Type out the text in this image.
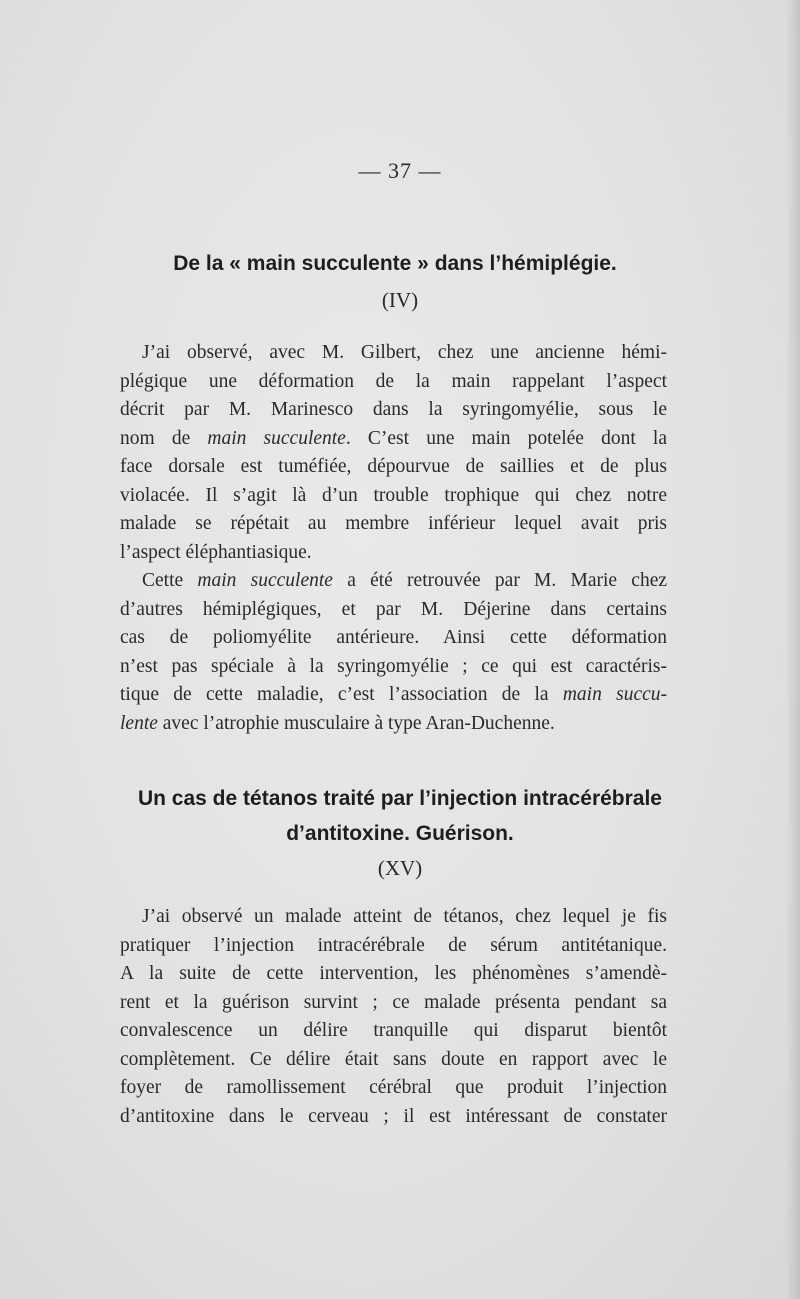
— 37 —
De la « main succulente » dans l’hémiplégie.
(IV)
J’ai observé, avec M. Gilbert, chez une ancienne hémi-
plégique une déformation de la main rappelant l’aspect
décrit par M. Marinesco dans la syringomyélie, sous le
nom de main succulente. C’est une main potelée dont la
face dorsale est tuméfiée, dépourvue de saillies et de plus
violacée. Il s’agit là d’un trouble trophique qui chez notre
malade se répétait au membre inférieur lequel avait pris
l’aspect éléphantiasique.
Cette main succulente a été retrouvée par M. Marie chez
d’autres hémiplégiques, et par M. Déjerine dans certains
cas de poliomyélite antérieure. Ainsi cette déformation
n’est pas spéciale à la syringomyélie ; ce qui est caractéris-
tique de cette maladie, c’est l’association de la main succu-
lente avec l’atrophie musculaire à type Aran-Duchenne.
Un cas de tétanos traité par l’injection intracérébrale
d’antitoxine. Guérison.
(XV)
J’ai observé un malade atteint de tétanos, chez lequel je fis
pratiquer l’injection intracérébrale de sérum antitétanique.
A la suite de cette intervention, les phénomènes s’amendè-
rent et la guérison survint ; ce malade présenta pendant sa
convalescence un délire tranquille qui disparut bientôt
complètement. Ce délire était sans doute en rapport avec le
foyer de ramollissement cérébral que produit l’injection
d’antitoxine dans le cerveau ; il est intéressant de constater
